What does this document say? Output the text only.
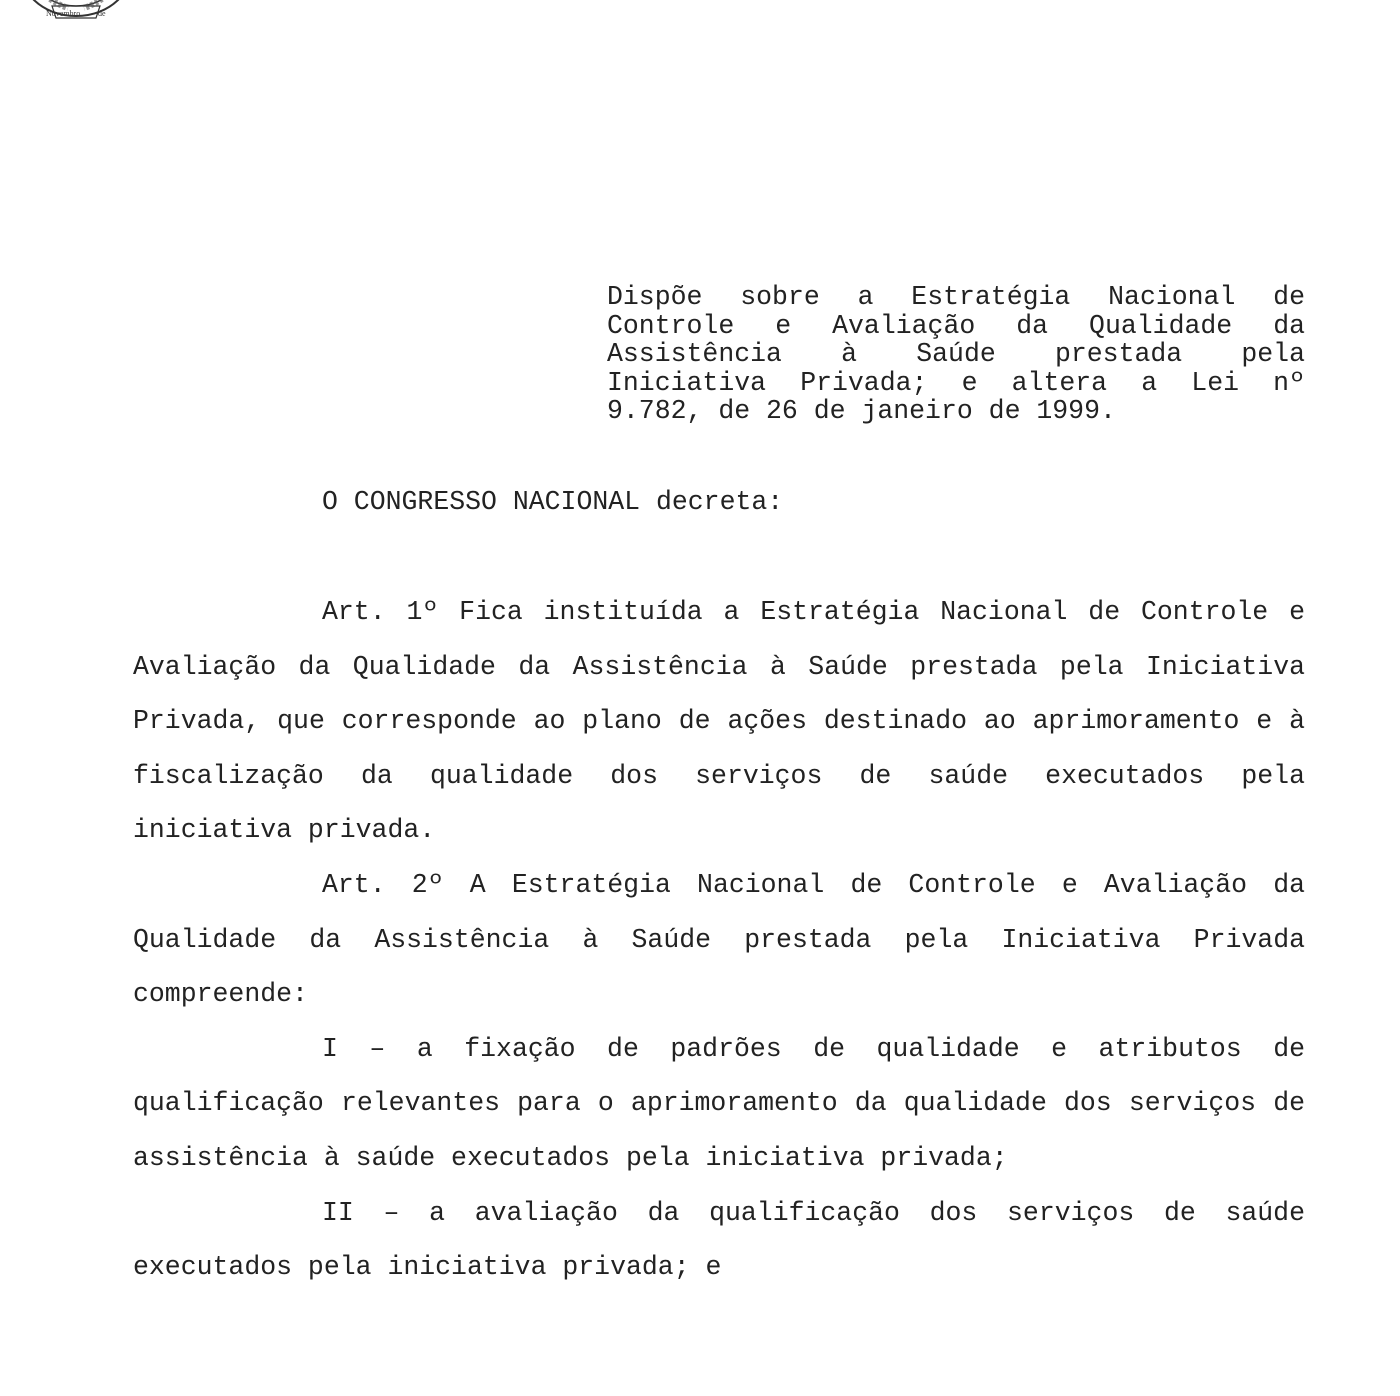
Novembro de

Dispõe sobre a Estratégia Nacional de Controle e Avaliação da Qualidade da Assistência à Saúde prestada pela Iniciativa Privada; e altera a Lei nº 9.782, de 26 de janeiro de 1999.

O CONGRESSO NACIONAL decreta:

Art. 1º Fica instituída a Estratégia Nacional de Controle e Avaliação da Qualidade da Assistência à Saúde prestada pela Iniciativa Privada, que corresponde ao plano de ações destinado ao aprimoramento e à fiscalização da qualidade dos serviços de saúde executados pela iniciativa privada.

Art. 2º A Estratégia Nacional de Controle e Avaliação da Qualidade da Assistência à Saúde prestada pela Iniciativa Privada compreende:

I – a fixação de padrões de qualidade e atributos de qualificação relevantes para o aprimoramento da qualidade dos serviços de assistência à saúde executados pela iniciativa privada;

II – a avaliação da qualificação dos serviços de saúde executados pela iniciativa privada; e
